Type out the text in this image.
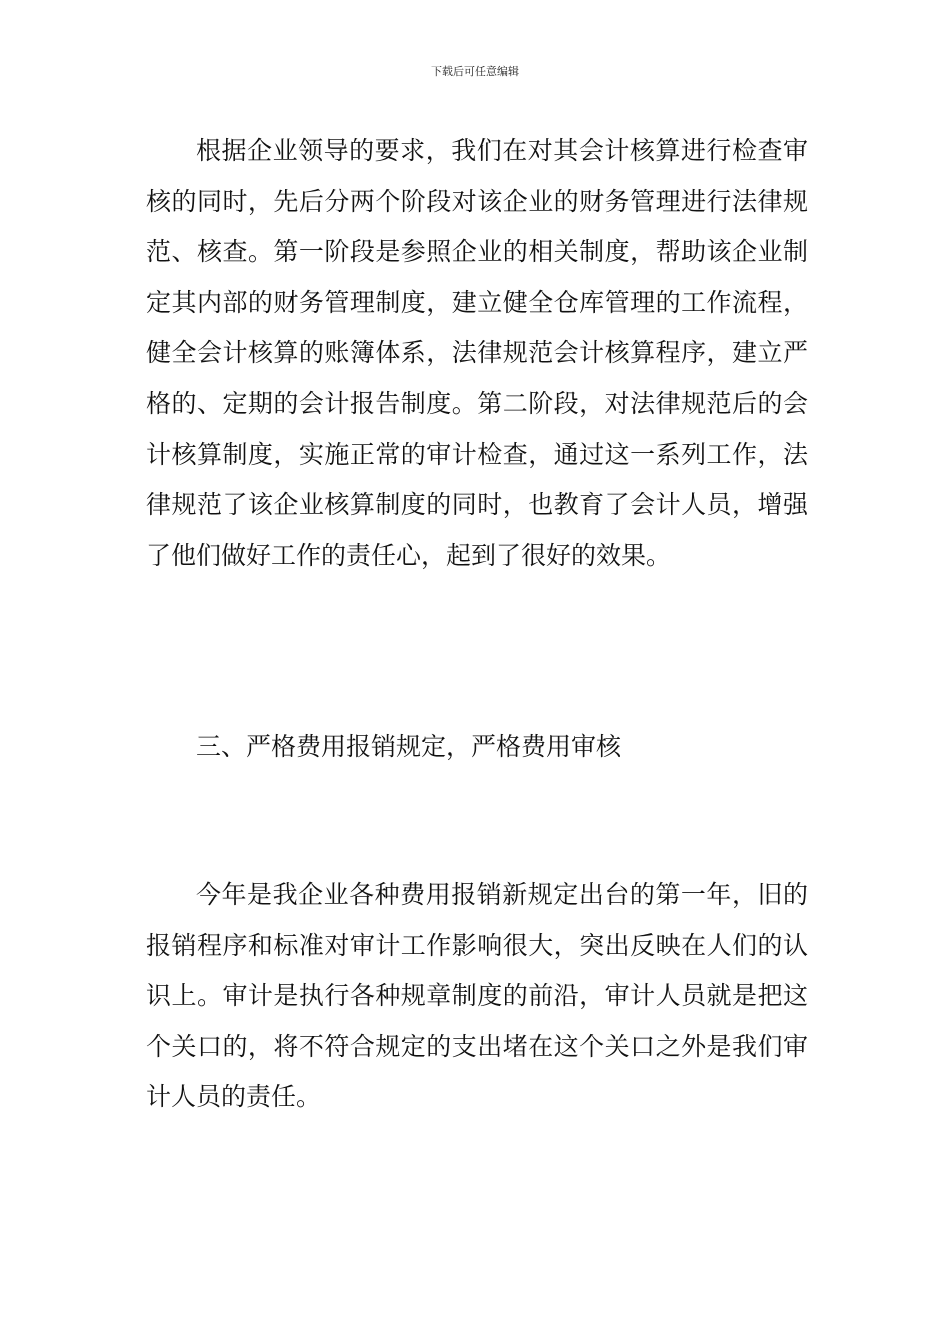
下载后可任意编辑

根据企业领导的要求，我们在对其会计核算进行检查审核的同时，先后分两个阶段对该企业的财务管理进行法律规范、核查。第一阶段是参照企业的相关制度，帮助该企业制定其内部的财务管理制度，建立健全仓库管理的工作流程，健全会计核算的账簿体系，法律规范会计核算程序，建立严格的、定期的会计报告制度。第二阶段，对法律规范后的会计核算制度，实施正常的审计检查，通过这一系列工作，法律规范了该企业核算制度的同时，也教育了会计人员，增强了他们做好工作的责任心，起到了很好的效果。

三、严格费用报销规定，严格费用审核

今年是我企业各种费用报销新规定出台的第一年，旧的报销程序和标准对审计工作影响很大，突出反映在人们的认识上。审计是执行各种规章制度的前沿，审计人员就是把这个关口的，将不符合规定的支出堵在这个关口之外是我们审计人员的责任。
